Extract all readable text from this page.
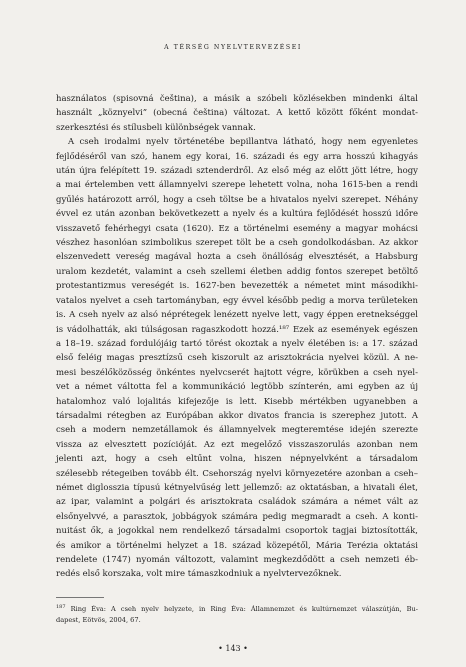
A TÉRSÉG NYELVTERVEZÉSEI

használatos (spisovná čeština), a másik a szóbeli közlésekben mindenki által
használt „köznyelvi” (obecná čeština) változat. A kettő között főként mondat-
szerkesztési és stílusbeli különbségek vannak.

A cseh irodalmi nyelv történetébe bepillantva látható, hogy nem egyenletes
fejlődéséről van szó, hanem egy korai, 16. századi és egy arra hosszú kihagyás
után újra felépített 19. századi sztenderdről. Az első még az előtt jött létre, hogy
a mai értelemben vett államnyelvi szerepe lehetett volna, noha 1615-ben a rendi
gyűlés határozott arról, hogy a cseh töltse be a hivatalos nyelvi szerepet. Néhány
évvel ez után azonban bekövetkezett a nyelv és a kultúra fejlődését hosszú időre
visszavető fehérhegyi csata (1620). Ez a történelmi esemény a magyar mohácsi
vészhez hasonlóan szimbolikus szerepet tölt be a cseh gondolkodásban. Az akkor
elszenvedett vereség magával hozta a cseh önállóság elvesztését, a Habsburg
uralom kezdetét, valamint a cseh szellemi életben addig fontos szerepet betöltő
protestantizmus vereségét is. 1627-ben bevezették a németet mint másodikhi-
vatalos nyelvet a cseh tartományban, egy évvel később pedig a morva területeken
is. A cseh nyelv az alsó néprétegek lenézett nyelve lett, vagy éppen eretnekséggel
is vádolhatták, aki túlságosan ragaszkodott hozzá.¹⁸⁷ Ezek az események egészen
a 18–19. század fordulójáig tartó törést okoztak a nyelv életében is: a 17. század
első feléig magas presztízsű cseh kiszorult az arisztokrácia nyelvei közül. A ne-
mesi beszélőközösség önkéntes nyelvcserét hajtott végre, körükben a cseh nyel-
vet a német váltotta fel a kommunikáció legtöbb színterén, ami egyben az új
hatalomhoz való lojalitás kifejezője is lett. Kisebb mértékben ugyanebben a
társadalmi rétegben az Európában akkor divatos francia is szerephez jutott. A
cseh a modern nemzetállamok és államnyelvek megteremtése idején szerezte
vissza az elvesztett pozícióját. Az ezt megelőző visszaszorulás azonban nem
jelenti azt, hogy a cseh eltűnt volna, hiszen népnyelvként a társadalom
szélesebb rétegeiben tovább élt. Csehország nyelvi környezetére azonban a cseh–
német diglosszia típusú kétnyelvűség lett jellemző: az oktatásban, a hivatali élet,
az ipar, valamint a polgári és arisztokrata családok számára a német vált az
elsőnyelvvé, a parasztok, jobbágyok számára pedig megmaradt a cseh. A konti-
nuitást ők, a jogokkal nem rendelkező társadalmi csoportok tagjai biztosították,
és amikor a történelmi helyzet a 18. század közepétől, Mária Terézia oktatási
rendelete (1747) nyomán változott, valamint megkezdődött a cseh nemzeti éb-
redés első korszaka, volt mire támaszkodniuk a nyelvtervezőknek.

$^{187}$ Ring Éva: A cseh nyelv helyzete, in Ring Éva: Államnemzet és kultúrnemzet válaszútján, Bu-
dapest, Eötvös, 2004, 67.
• 143 •
